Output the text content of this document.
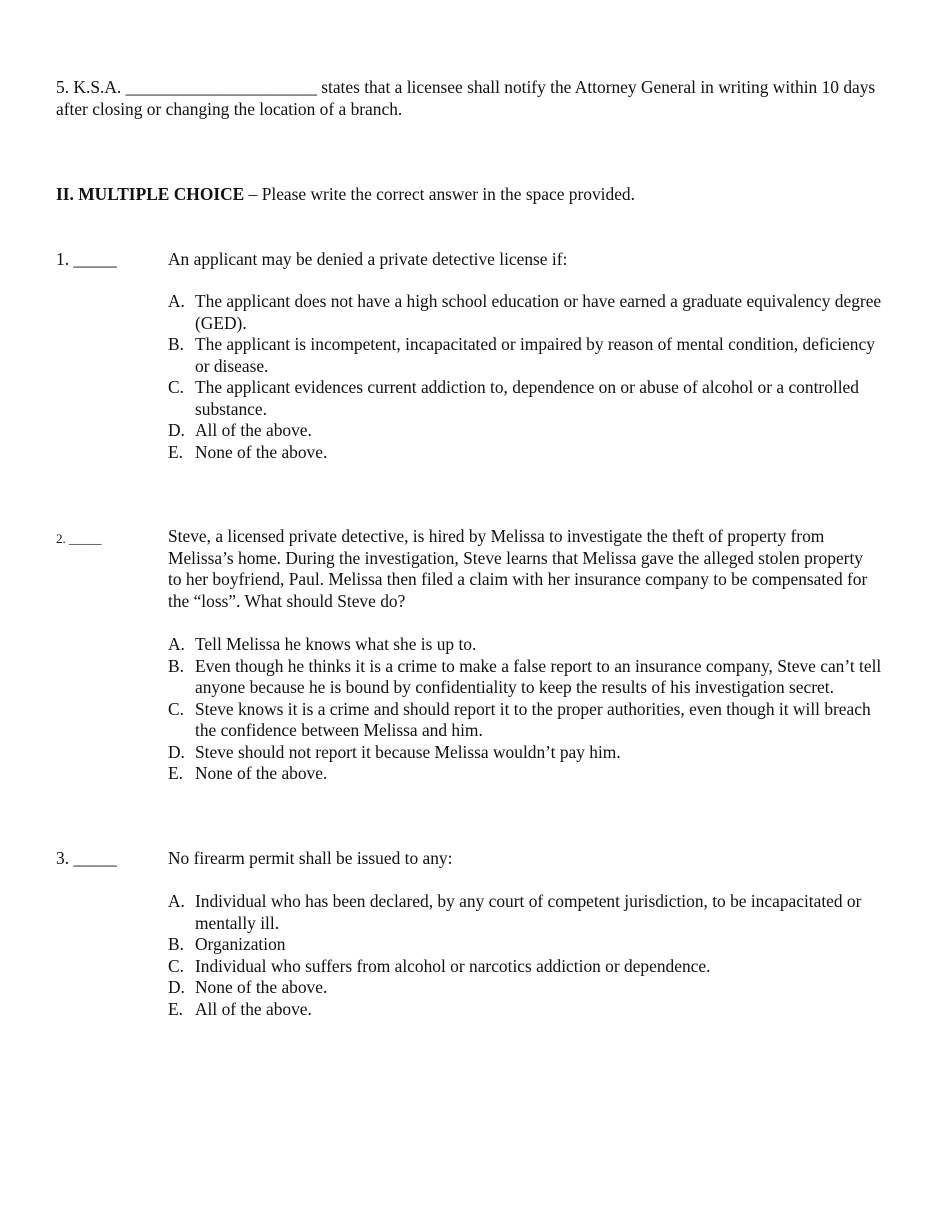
5. K.S.A. ______________________ states that a licensee shall notify the Attorney General in writing within 10 days after closing or changing the location of a branch.
II. MULTIPLE CHOICE – Please write the correct answer in the space provided.
1. _____	An applicant may be denied a private detective license if:
A. The applicant does not have a high school education or have earned a graduate equivalency degree (GED).
B. The applicant is incompetent, incapacitated or impaired by reason of mental condition, deficiency or disease.
C. The applicant evidences current addiction to, dependence on or abuse of alcohol or a controlled substance.
D. All of the above.
E. None of the above.
2. _____	Steve, a licensed private detective, is hired by Melissa to investigate the theft of property from Melissa’s home. During the investigation, Steve learns that Melissa gave the alleged stolen property to her boyfriend, Paul. Melissa then filed a claim with her insurance company to be compensated for the “loss”. What should Steve do?
A. Tell Melissa he knows what she is up to.
B. Even though he thinks it is a crime to make a false report to an insurance company, Steve can’t tell anyone because he is bound by confidentiality to keep the results of his investigation secret.
C. Steve knows it is a crime and should report it to the proper authorities, even though it will breach the confidence between Melissa and him.
D. Steve should not report it because Melissa wouldn’t pay him.
E. None of the above.
3. _____	No firearm permit shall be issued to any:
A. Individual who has been declared, by any court of competent jurisdiction, to be incapacitated or mentally ill.
B. Organization
C. Individual who suffers from alcohol or narcotics addiction or dependence.
D. None of the above.
E. All of the above.
